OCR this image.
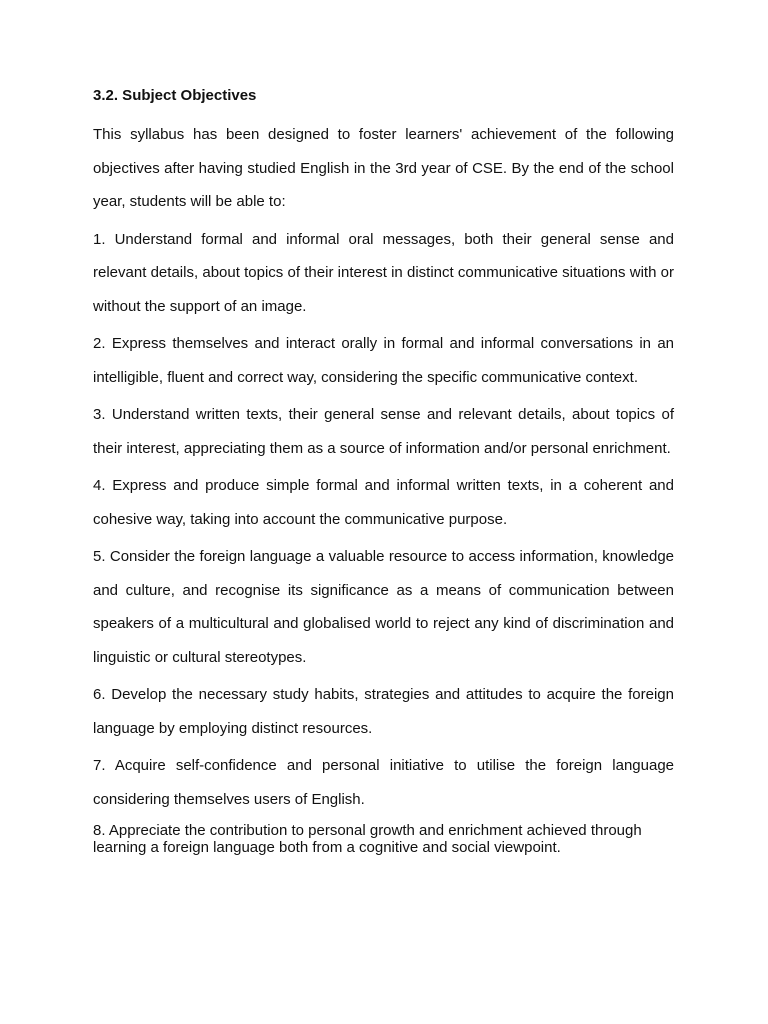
3.2. Subject Objectives

This syllabus has been designed to foster learners' achievement of the following objectives after having studied English in the 3rd year of CSE. By the end of the school year, students will be able to:

1. Understand formal and informal oral messages, both their general sense and relevant details, about topics of their interest in distinct communicative situations with or without the support of an image.

2. Express themselves and interact orally in formal and informal conversations in an intelligible, fluent and correct way, considering the specific communicative context.

3. Understand written texts, their general sense and relevant details, about topics of their interest, appreciating them as a source of information and/or personal enrichment.

4. Express and produce simple formal and informal written texts, in a coherent and cohesive way, taking into account the communicative purpose.

5. Consider the foreign language a valuable resource to access information, knowledge and culture, and recognise its significance as a means of communication between speakers of a multicultural and globalised world to reject any kind of discrimination and linguistic or cultural stereotypes.

6. Develop the necessary study habits, strategies and attitudes to acquire the foreign language by employing distinct resources.

7. Acquire self-confidence and personal initiative to utilise the foreign language considering themselves users of English.

8. Appreciate the contribution to personal growth and enrichment achieved through learning a foreign language both from a cognitive and social viewpoint.
